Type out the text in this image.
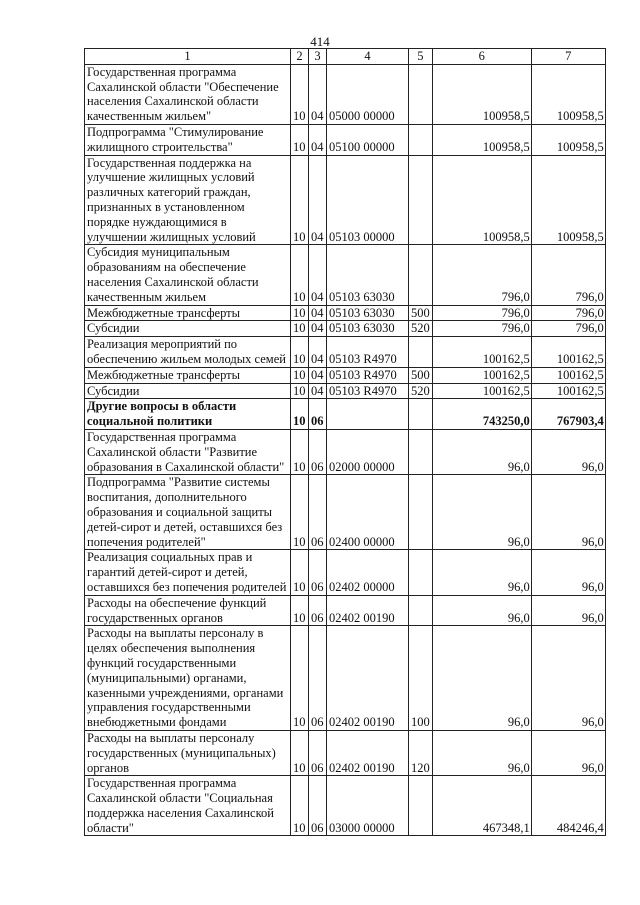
414
1	2	3	4	5	6	7
Государственная программа Сахалинской области "Обеспечение населения Сахалинской области качественным жильем"	10	04	05000 00000		100958,5	100958,5
Подпрограмма "Стимулирование жилищного строительства"	10	04	05100 00000		100958,5	100958,5
Государственная поддержка на улучшение жилищных условий различных категорий граждан, признанных в установленном порядке нуждающимися в улучшении жилищных условий	10	04	05103 00000		100958,5	100958,5
Субсидия муниципальным образованиям на обеспечение населения Сахалинской области качественным жильем	10	04	05103 63030		796,0	796,0
Межбюджетные трансферты	10	04	05103 63030	500	796,0	796,0
Субсидии	10	04	05103 63030	520	796,0	796,0
Реализация мероприятий по обеспечению жильем молодых семей	10	04	05103 R4970		100162,5	100162,5
Межбюджетные трансферты	10	04	05103 R4970	500	100162,5	100162,5
Субсидии	10	04	05103 R4970	520	100162,5	100162,5
Другие вопросы в области социальной политики	10	06			743250,0	767903,4
Государственная программа Сахалинской области "Развитие образования в Сахалинской области"	10	06	02000 00000		96,0	96,0
Подпрограмма "Развитие системы воспитания, дополнительного образования и социальной защиты детей-сирот и детей, оставшихся без попечения родителей"	10	06	02400 00000		96,0	96,0
Реализация социальных прав и гарантий детей-сирот и детей, оставшихся без попечения родителей	10	06	02402 00000		96,0	96,0
Расходы на обеспечение функций государственных органов	10	06	02402 00190		96,0	96,0
Расходы на выплаты персоналу в целях обеспечения выполнения функций государственными (муниципальными) органами, казенными учреждениями, органами управления государственными внебюджетными фондами	10	06	02402 00190	100	96,0	96,0
Расходы на выплаты персоналу государственных (муниципальных) органов	10	06	02402 00190	120	96,0	96,0
Государственная программа Сахалинской области "Социальная поддержка населения Сахалинской области"	10	06	03000 00000		467348,1	484246,4
